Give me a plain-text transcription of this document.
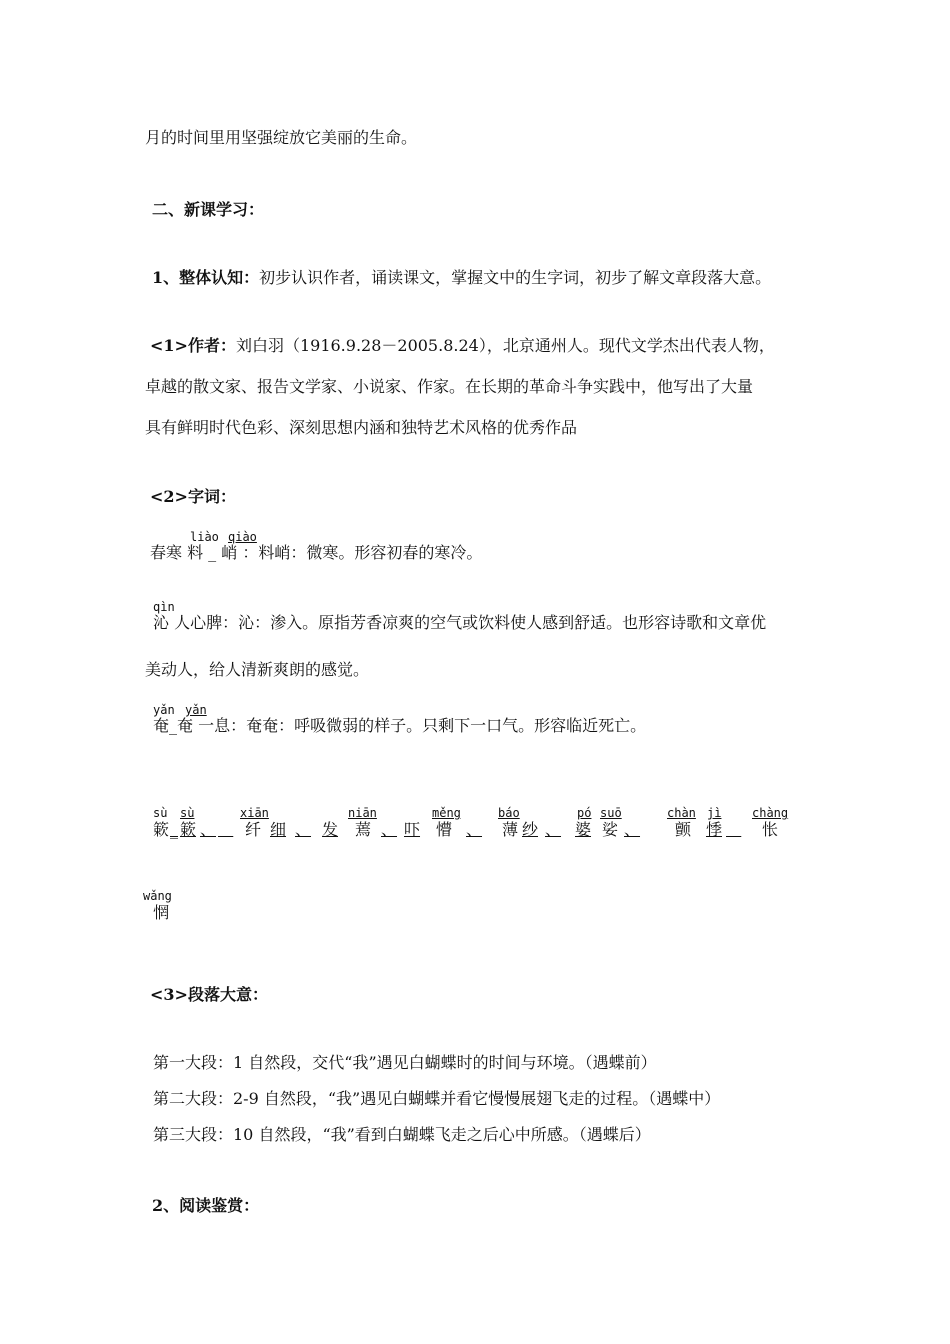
月的时间里用坚强绽放它美丽的生命。
二、新课学习：
1、整体认知：初步认识作者，诵读课文，掌握文中的生字词，初步了解文章段落大意。
<1>作者：刘白羽（1916.9.28－2005.8.24），北京通州人。现代文学杰出代表人物，
卓越的散文家、报告文学家、小说家、作家。在长期的革命斗争实践中，他写出了大量
具有鲜明时代色彩、深刻思想内涵和独特艺术风格的优秀作品
<2>字词：
liào qiào
春寒 料 _ 峭 ：料峭：微寒。形容初春的寒冷。
qìn
沁 人心脾：沁：渗入。原指芳香凉爽的空气或饮料使人感到舒适。也形容诗歌和文章优
美动人，给人清新爽朗的感觉。
yǎn yǎn
奄_奄 一息：奄奄：呼吸微弱的样子。只剩下一口气。形容临近死亡。
sù sù	xiān	niān	měng	báo	pó suō	chàn jì	chàng
簌 _ 簌 、
纤 细 、 发 蔫 、 吓 懵 、 薄 纱 、 婆 娑 、 颤 悸
怅
wǎng
惘
<3>段落大意：
第一大段：1 自然段，交代“我”遇见白蝴蝶时的时间与环境。（遇蝶前）
第二大段：2-9 自然段，“我”遇见白蝴蝶并看它慢慢展翅飞走的过程。（遇蝶中）
第三大段：10 自然段，“我”看到白蝴蝶飞走之后心中所感。（遇蝶后）
2、阅读鉴赏：
